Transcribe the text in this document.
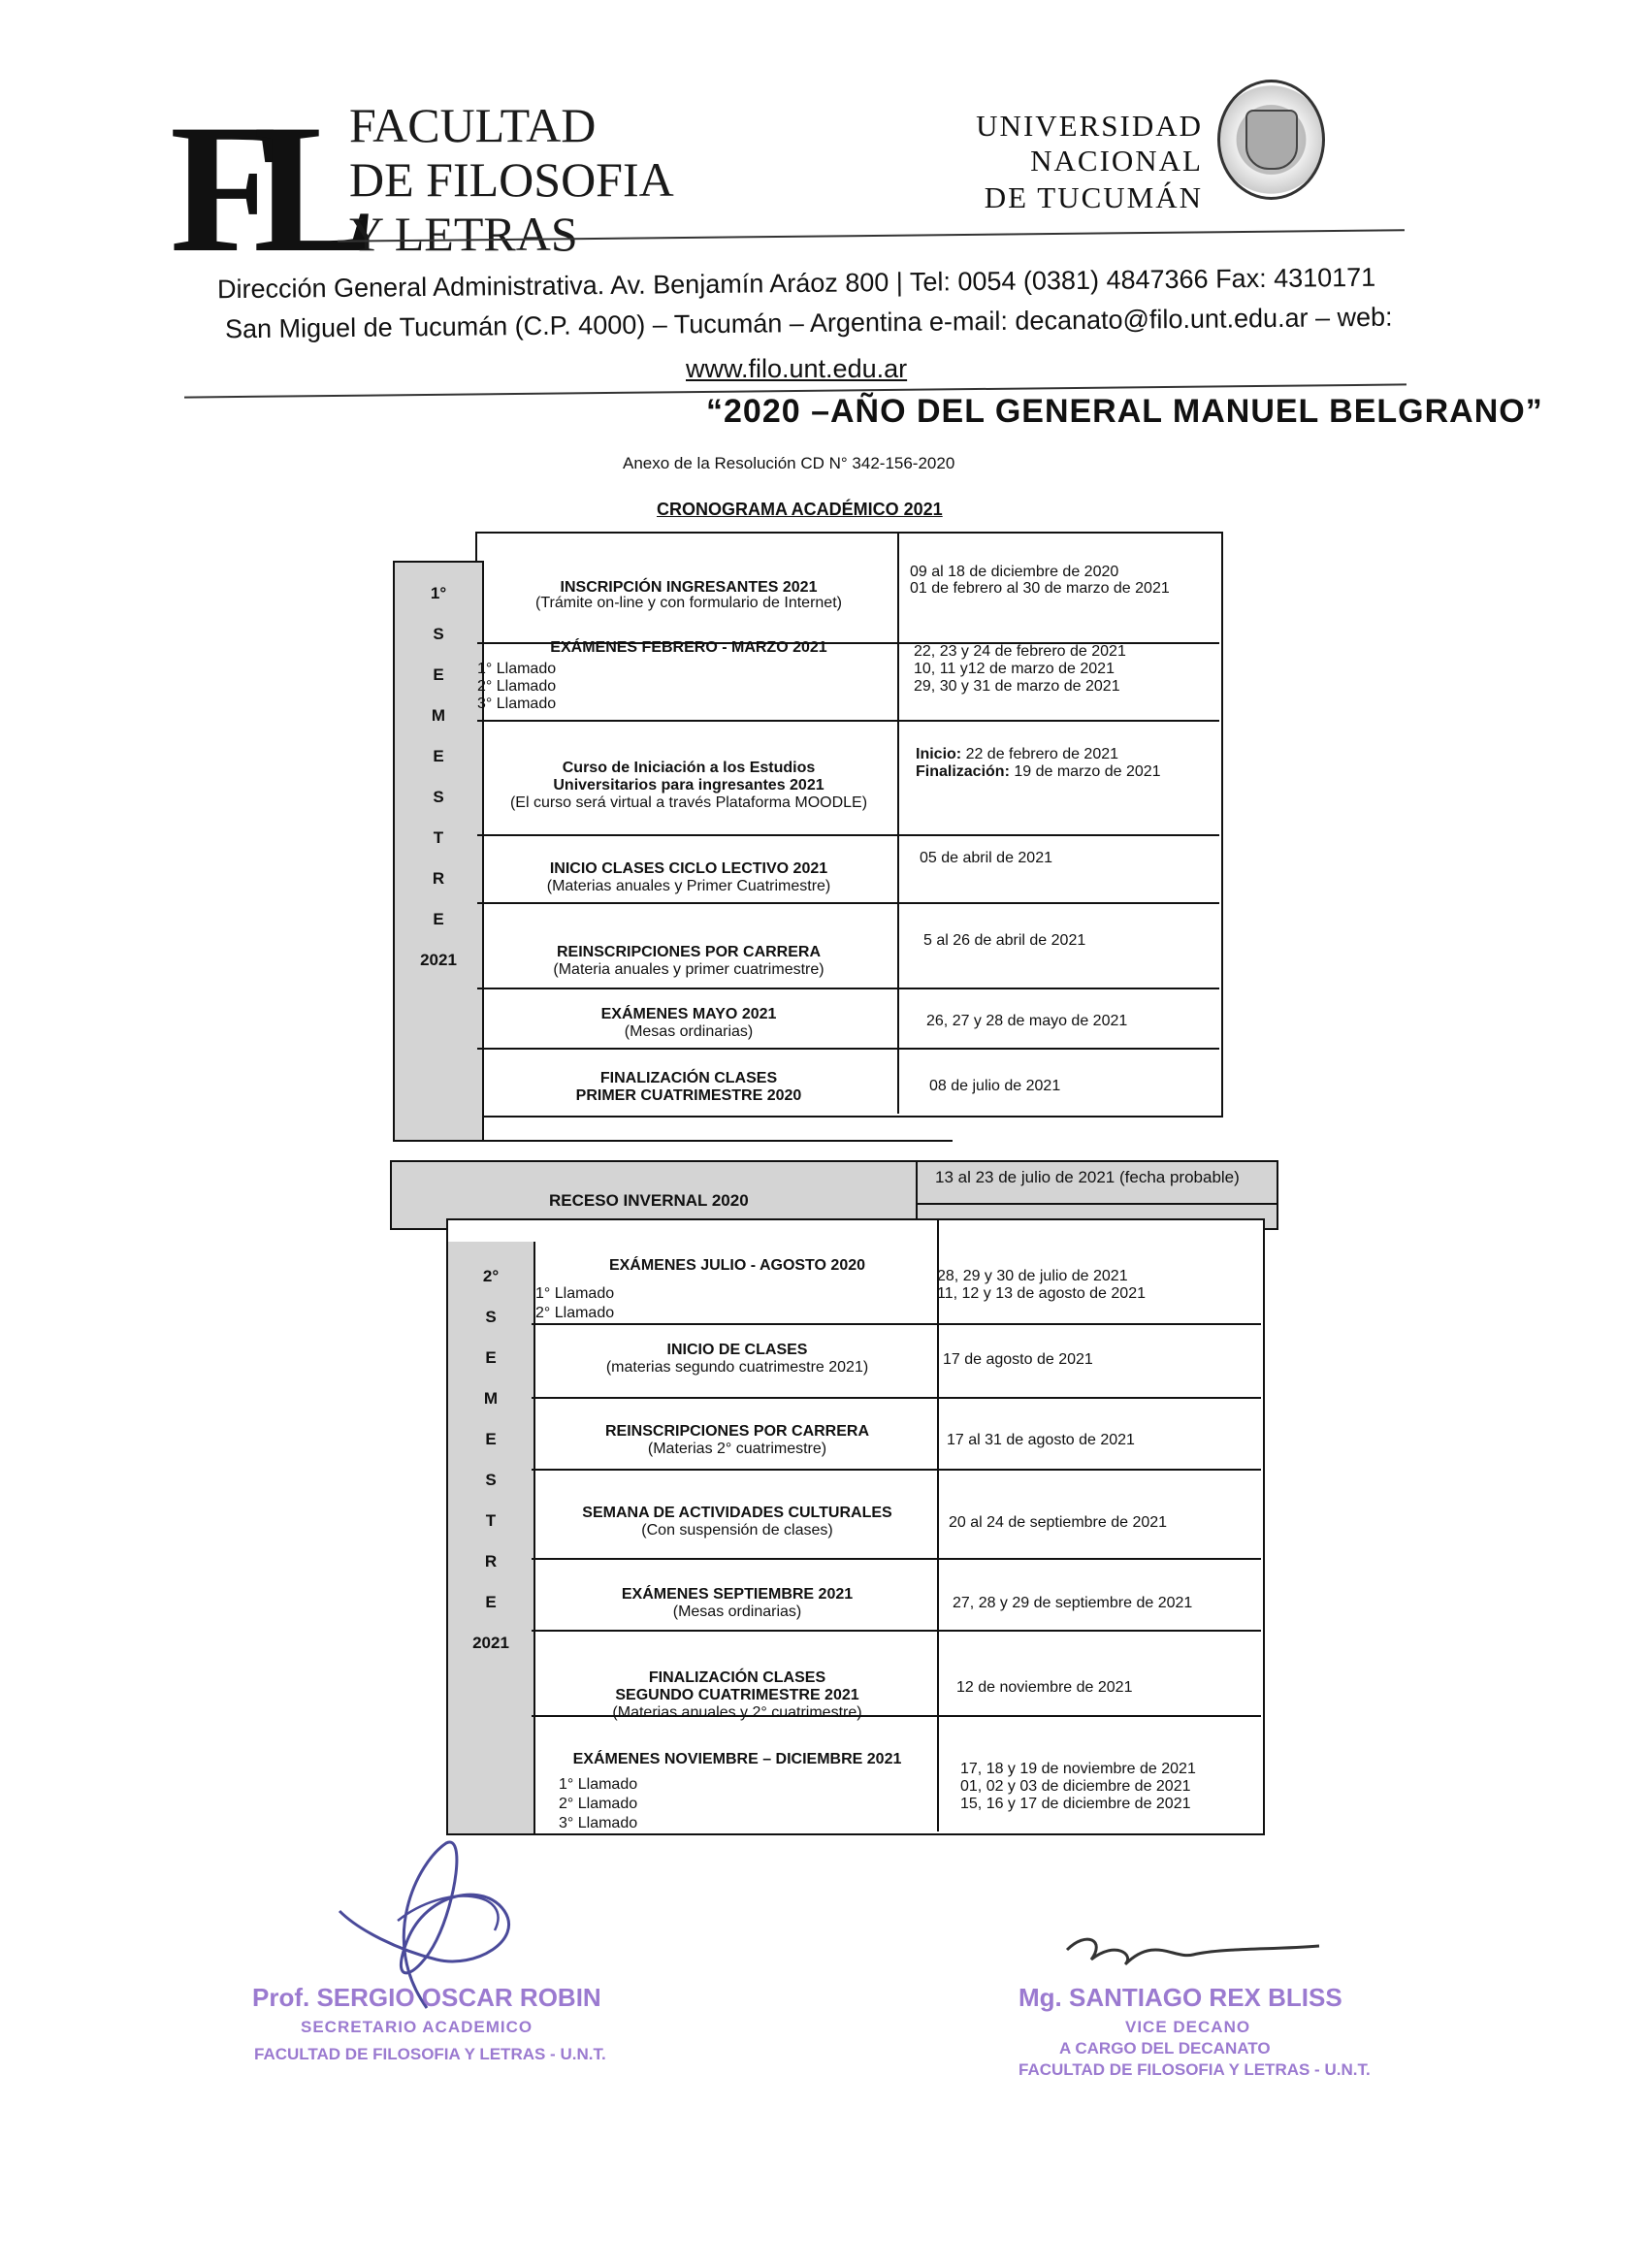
FL FACULTAD
DE FILOSOFIA
Y LETRAS
UNIVERSIDAD
NACIONAL
DE TUCUMÁN
Dirección General Administrativa. Av. Benjamín Aráoz 800 | Tel: 0054 (0381) 4847366 Fax: 4310171
San Miguel de Tucumán (C.P. 4000) – Tucumán – Argentina e-mail: decanato@filo.unt.edu.ar – web:
www.filo.unt.edu.ar
“2020 –AÑO DEL GENERAL MANUEL BELGRANO”
Anexo de la Resolución CD N° 342-156-2020
CRONOGRAMA ACADÉMICO 2021
1°
S
E
M
E
S
T
R
E
2021
INSCRIPCIÓN INGRESANTES 2021
(Trámite on-line y con formulario de Internet)
09 al 18 de diciembre de 2020
01 de febrero al 30 de marzo de 2021
EXÁMENES FEBRERO - MARZO 2021
1° Llamado
2° Llamado
3° Llamado
22, 23 y 24 de febrero de 2021
10, 11 y12 de marzo de 2021
29, 30 y 31 de marzo de 2021
Curso de Iniciación a los Estudios
Universitarios para ingresantes 2021
(El curso será virtual a través Plataforma MOODLE)
Inicio: 22 de febrero de 2021
Finalización: 19 de marzo de 2021
INICIO CLASES CICLO LECTIVO 2021
(Materias anuales y Primer Cuatrimestre)
05 de abril de 2021
REINSCRIPCIONES POR CARRERA
(Materia anuales y primer cuatrimestre)
5 al 26 de abril de 2021
EXÁMENES MAYO 2021
(Mesas ordinarias)
26, 27 y 28 de mayo de 2021
FINALIZACIÓN CLASES
PRIMER CUATRIMESTRE 2020
08 de julio de 2021
RECESO INVERNAL 2020
13 al 23 de julio de 2021 (fecha probable)
2°
S
E
M
E
S
T
R
E
2021
EXÁMENES JULIO - AGOSTO 2020
1° Llamado
2° Llamado
28, 29 y 30 de julio de 2021
11, 12 y 13 de agosto de 2021
INICIO DE CLASES
(materias segundo cuatrimestre 2021)	17 de agosto de 2021
REINSCRIPCIONES POR CARRERA
(Materias 2° cuatrimestre)
17 al 31 de agosto de 2021
SEMANA DE ACTIVIDADES CULTURALES
(Con suspensión de clases)	20 al 24 de septiembre de 2021
EXÁMENES SEPTIEMBRE 2021
(Mesas ordinarias)
27, 28 y 29 de septiembre de 2021
FINALIZACIÓN CLASES
SEGUNDO CUATRIMESTRE 2021
(Materias anuales y 2° cuatrimestre)
12 de noviembre de 2021
EXÁMENES NOVIEMBRE – DICIEMBRE 2021
1° Llamado
2° Llamado
3° Llamado
17, 18 y 19 de noviembre de 2021
01, 02 y 03 de diciembre de 2021
15, 16 y 17 de diciembre de 2021
Prof. SERGIO OSCAR ROBIN
SECRETARIO ACADEMICO
FACULTAD DE FILOSOFIA Y LETRAS - U.N.T.
Mg. SANTIAGO REX BLISS
VICE DECANO
A CARGO DEL DECANATO
FACULTAD DE FILOSOFIA Y LETRAS - U.N.T.
